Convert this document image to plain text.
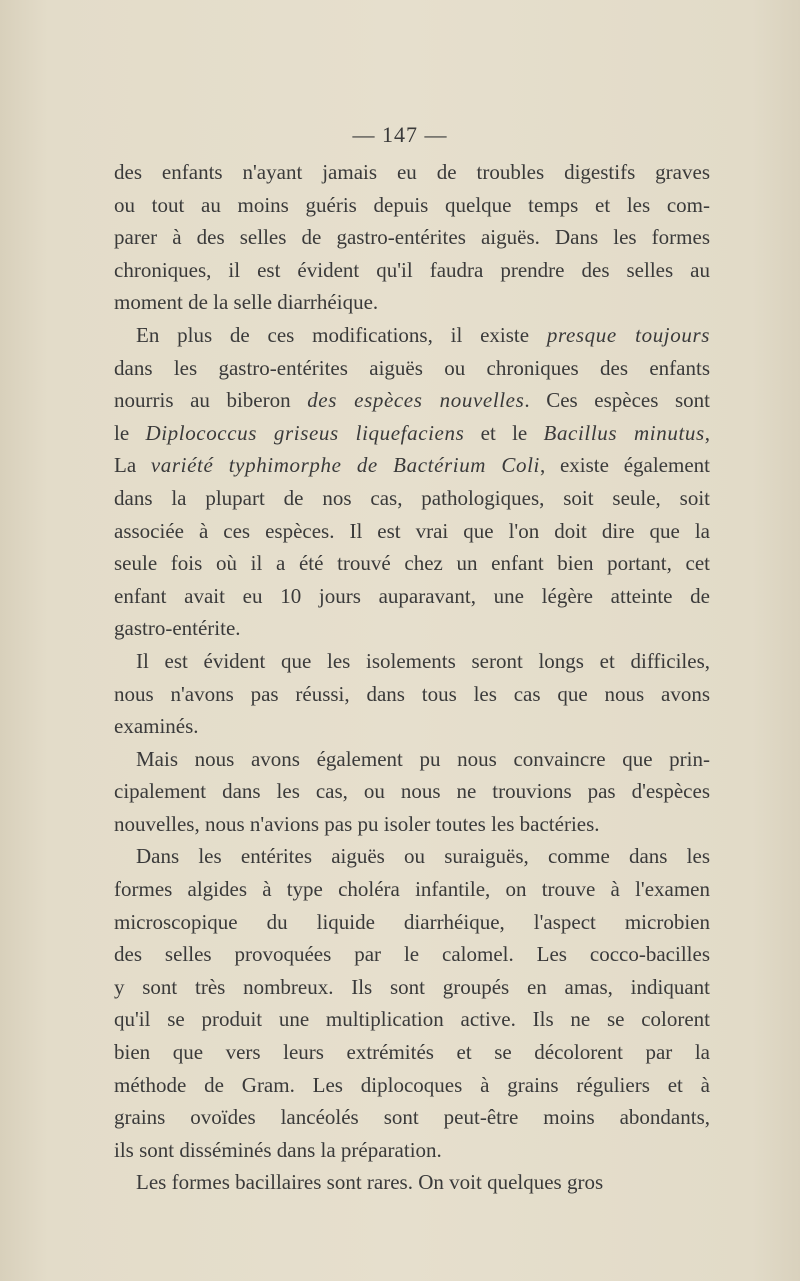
— 147 —
des enfants n'ayant jamais eu de troubles digestifs graves
ou tout au moins guéris depuis quelque temps et les com-
parer à des selles de gastro-entérites aiguës. Dans les formes
chroniques, il est évident qu'il faudra prendre des selles au
moment de la selle diarrhéique.
En plus de ces modifications, il existe presque toujours
dans les gastro-entérites aiguës ou chroniques des enfants
nourris au biberon des espèces nouvelles. Ces espèces sont
le Diplococcus griseus liquefaciens et le Bacillus minutus,
La variété typhimorphe de Bactérium Coli, existe également
dans la plupart de nos cas, pathologiques, soit seule, soit
associée à ces espèces. Il est vrai que l'on doit dire que la
seule fois où il a été trouvé chez un enfant bien portant, cet
enfant avait eu 10 jours auparavant, une légère atteinte de
gastro-entérite.
Il est évident que les isolements seront longs et difficiles,
nous n'avons pas réussi, dans tous les cas que nous avons
examinés.
Mais nous avons également pu nous convaincre que prin-
cipalement dans les cas, ou nous ne trouvions pas d'espèces
nouvelles, nous n'avions pas pu isoler toutes les bactéries.
Dans les entérites aiguës ou suraiguës, comme dans les
formes algides à type choléra infantile, on trouve à l'examen
microscopique du liquide diarrhéique, l'aspect microbien
des selles provoquées par le calomel. Les cocco-bacilles
y sont très nombreux. Ils sont groupés en amas, indiquant
qu'il se produit une multiplication active. Ils ne se colorent
bien que vers leurs extrémités et se décolorent par la
méthode de Gram. Les diplocoques à grains réguliers et à
grains ovoïdes lancéolés sont peut-être moins abondants,
ils sont disséminés dans la préparation.
Les formes bacillaires sont rares. On voit quelques gros
